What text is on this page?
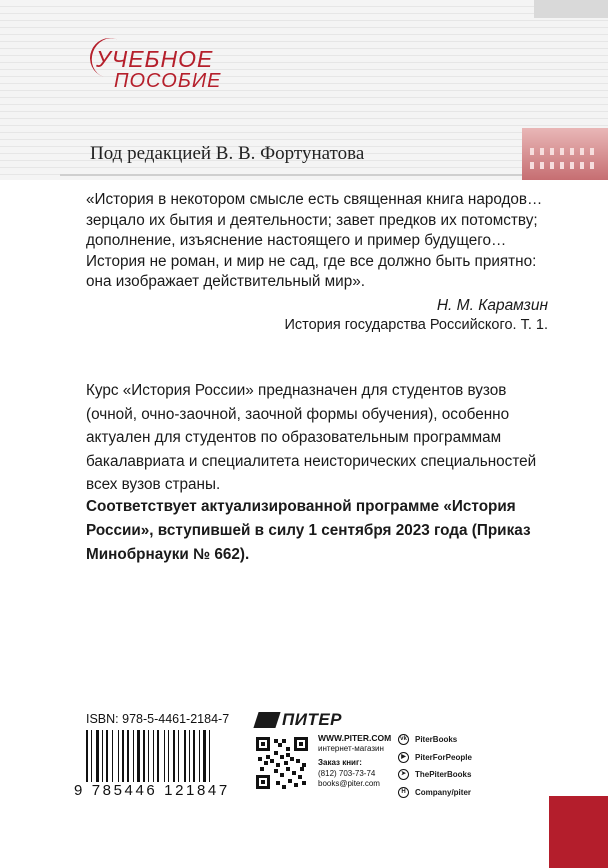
УЧЕБНОЕ
ПОСОБИЕ
Под редакцией В. В. Фортунатова
«История в некотором смысле есть священная книга народов… зерцало их бытия и деятельности; завет предков их потомству; дополнение, изъяснение настоящего и пример будущего… История не роман, и мир не сад, где все должно быть приятно: она изображает действительный мир».
Н. М. Карамзин
История государства Российского. Т. 1.
Курс «История России» предназначен для студентов вузов (очной, очно-заочной, заочной формы обучения), особенно актуален для студентов по образовательным программам бакалавриата и специалитета неисторических специальностей всех вузов страны.
Соответствует актуализированной программе «История России», вступившей в силу 1 сентября 2023 года (Приказ Минобрнауки № 662).
ISBN: 978-5-4461-2184-7
9 785446 121847
ПИТЕР
WWW.PITER.COM
интернет-магазин
Заказ книг:
(812) 703-73-74
books@piter.com
vk PiterBooks
▶	PiterForPeople
➤	ThePiterBooks
H	Company/piter
